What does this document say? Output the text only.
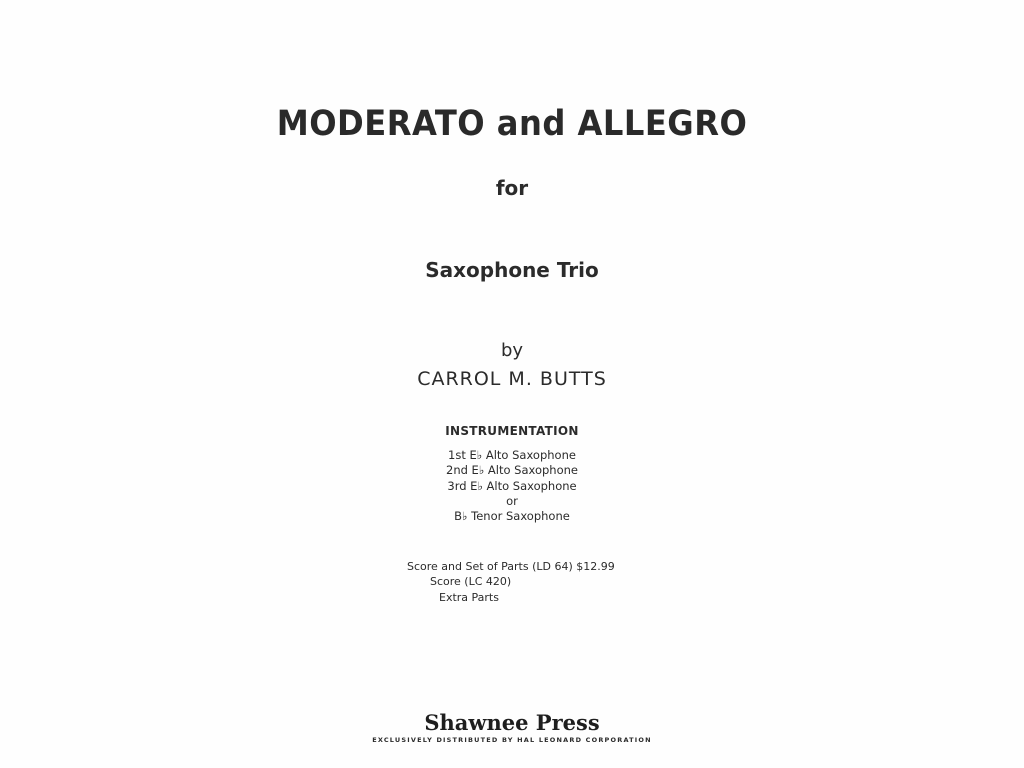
MODERATO and ALLEGRO
for
Saxophone Trio
by
CARROL M. BUTTS
INSTRUMENTATION
1st E♭ Alto Saxophone
2nd E♭ Alto Saxophone
3rd E♭ Alto Saxophone
or
B♭ Tenor Saxophone
Score and Set of Parts (LD 64) $12.99
Score (LC 420)
Extra Parts
Shawnee Press
EXCLUSIVELY DISTRIBUTED BY HAL LEONARD CORPORATION
